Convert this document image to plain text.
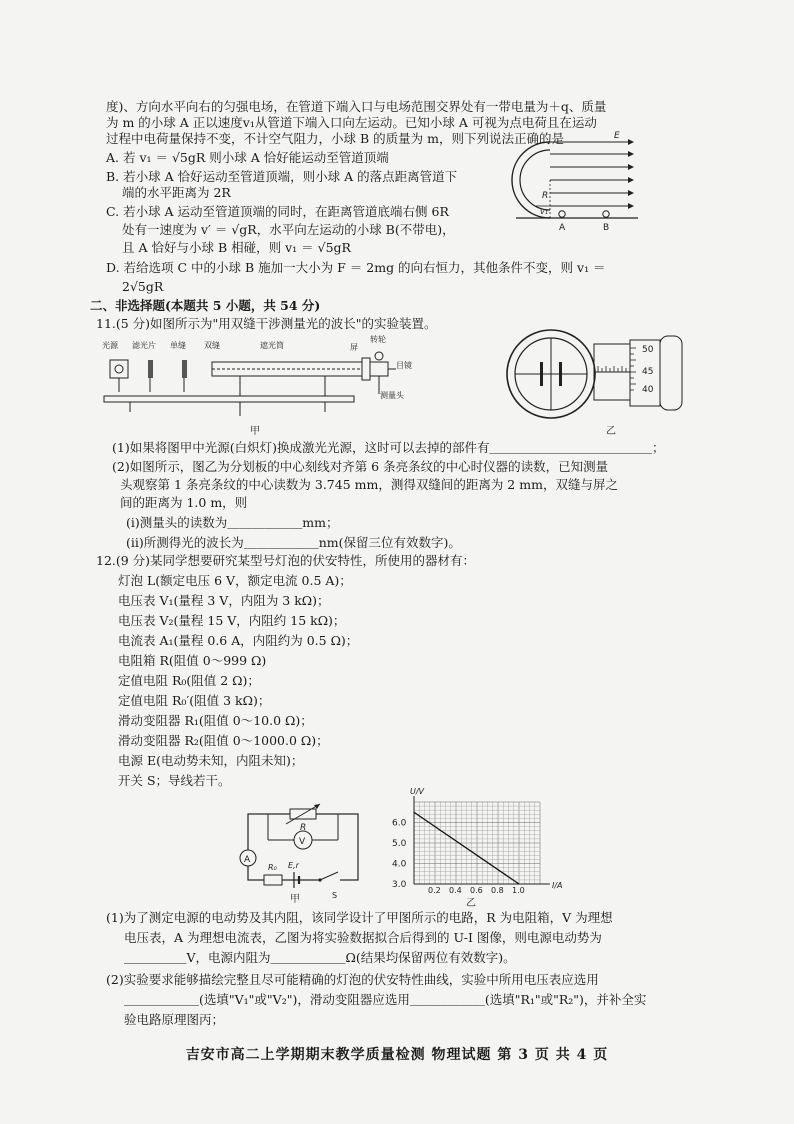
度)、方向水平向右的匀强电场，在管道下端入口与电场范围交界处有一带电量为＋q、质量
为 m 的小球 A 正以速度v₁从管道下端入口向左运动。已知小球 A 可视为点电荷且在运动
过程中电荷量保持不变，不计空气阻力，小球 B 的质量为 m，则下列说法正确的是
A. 若 v₁ ＝ √5gR 则小球 A 恰好能运动至管道顶端
B. 若小球 A 恰好运动至管道顶端，则小球 A 的落点距离管道下
端的水平距离为 2R
C. 若小球 A 运动至管道顶端的同时，在距离管道底端右侧 6R
处有一速度为 v′ ＝ √gR，水平向左运动的小球 B(不带电)，
且 A 恰好与小球 B 相碰，则 v₁ ＝ √5gR
D. 若给选项 C 中的小球 B 施加一大小为 F ＝ 2mg 的向右恒力，其他条件不变，则 v₁ ＝
2√5gR
E
R
v₁
A	B
二、非选择题(本题共 5 小题，共 54 分)
11.(5 分)如图所示为"用双缝干涉测量光的波长"的实验装置。
光源 滤光片 单缝 双缝	遮光筒	屏
转轮
目镜
测量头
甲
50
45
40
乙
(1)如果将图甲中光源(白炽灯)换成激光光源，这时可以去掉的部件有＿＿＿＿＿＿＿＿＿＿＿＿＿；
(2)如图所示，图乙为分划板的中心刻线对齐第 6 条亮条纹的中心时仪器的读数，已知测量
头观察第 1 条亮条纹的中心读数为 3.745 mm，测得双缝间的距离为 2 mm，双缝与屏之
间的距离为 1.0 m，则
(i)测量头的读数为＿＿＿＿＿＿mm；
(ii)所测得光的波长为＿＿＿＿＿＿nm(保留三位有效数字)。
12.(9 分)某同学想要研究某型号灯泡的伏安特性，所使用的器材有：
灯泡 L(额定电压 6 V，额定电流 0.5 A)；
电压表 V₁(量程 3 V，内阻为 3 kΩ)；
电压表 V₂(量程 15 V，内阻约 15 kΩ)；
电流表 A₁(量程 0.6 A，内阻约为 0.5 Ω)；
电阻箱 R(阻值 0～999 Ω)
定值电阻 R₀(阻值 2 Ω)；
定值电阻 R₀′(阻值 3 kΩ)；
滑动变阻器 R₁(阻值 0～10.0 Ω)；
滑动变阻器 R₂(阻值 0～1000.0 Ω)；
电源 E(电动势未知，内阻未知)；
开关 S；导线若干。
R
V
A
R₀ E,r
S
甲
0.2 0.4 0.6 0.8 1.0
3.0
4.0
5.0
6.0
I/A
U/V
乙
(1)为了测定电源的电动势及其内阻，该同学设计了甲图所示的电路，R 为电阻箱，V 为理想
电压表，A 为理想电流表，乙图为将实验数据拟合后得到的 U-I 图像，则电源电动势为
＿＿＿＿＿V，电源内阻为＿＿＿＿＿＿Ω(结果均保留两位有效数字)。
(2)实验要求能够描绘完整且尽可能精确的灯泡的伏安特性曲线，实验中所用电压表应选用
＿＿＿＿＿＿(选填"V₁"或"V₂")，滑动变阻器应选用＿＿＿＿＿＿(选填"R₁"或"R₂")，并补全实
验电路原理图丙；
吉安市高二上学期期末教学质量检测 物理试题 第 3 页 共 4 页
